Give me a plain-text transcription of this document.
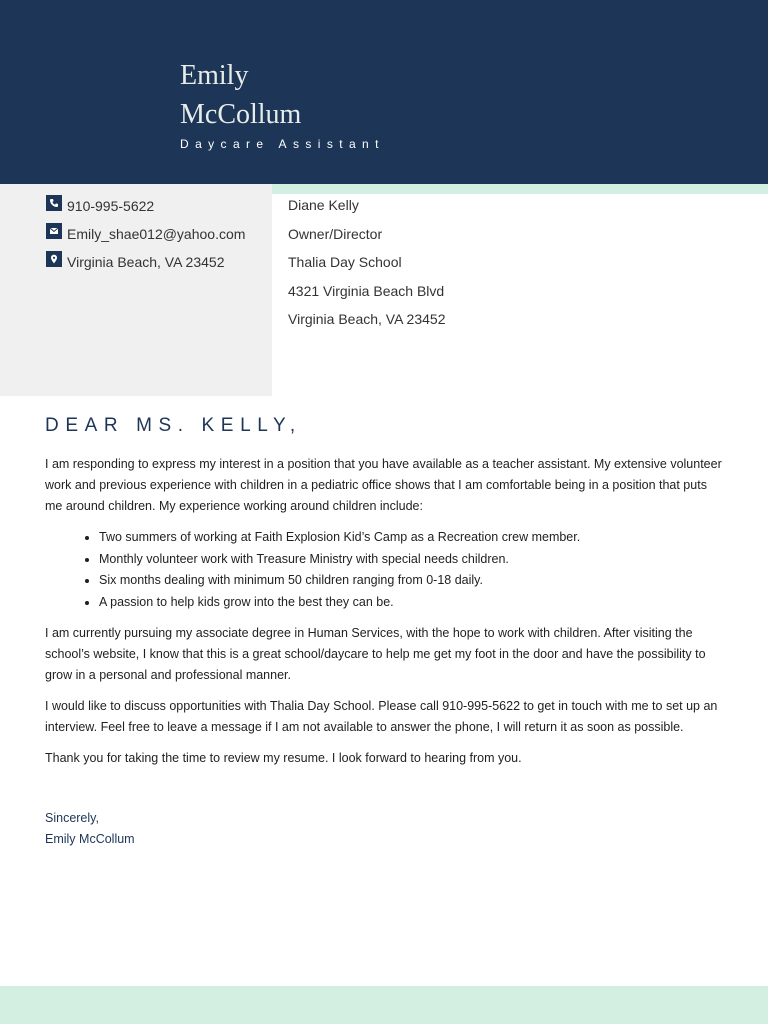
Emily
McCollum
Daycare Assistant
910-995-5622
Emily_shae012@yahoo.com
Virginia Beach, VA 23452
Diane Kelly
Owner/Director
Thalia Day School
4321 Virginia Beach Blvd
Virginia Beach, VA 23452
DEAR MS. KELLY,

I am responding to express my interest in a position that you have available as a teacher assistant. My extensive volunteer work and previous experience with children in a pediatric office shows that I am comfortable being in a position that puts me around children. My experience working around children include:

• Two summers of working at Faith Explosion Kid’s Camp as a Recreation crew member.
• Monthly volunteer work with Treasure Ministry with special needs children.
• Six months dealing with minimum 50 children ranging from 0-18 daily.
• A passion to help kids grow into the best they can be.

I am currently pursuing my associate degree in Human Services, with the hope to work with children. After visiting the school’s website, I know that this is a great school/daycare to help me get my foot in the door and have the possibility to grow in a personal and professional manner.

I would like to discuss opportunities with Thalia Day School. Please call 910-995-5622 to get in touch with me to set up an interview. Feel free to leave a message if I am not available to answer the phone, I will return it as soon as possible.

Thank you for taking the time to review my resume. I look forward to hearing from you.

Sincerely,
Emily McCollum
